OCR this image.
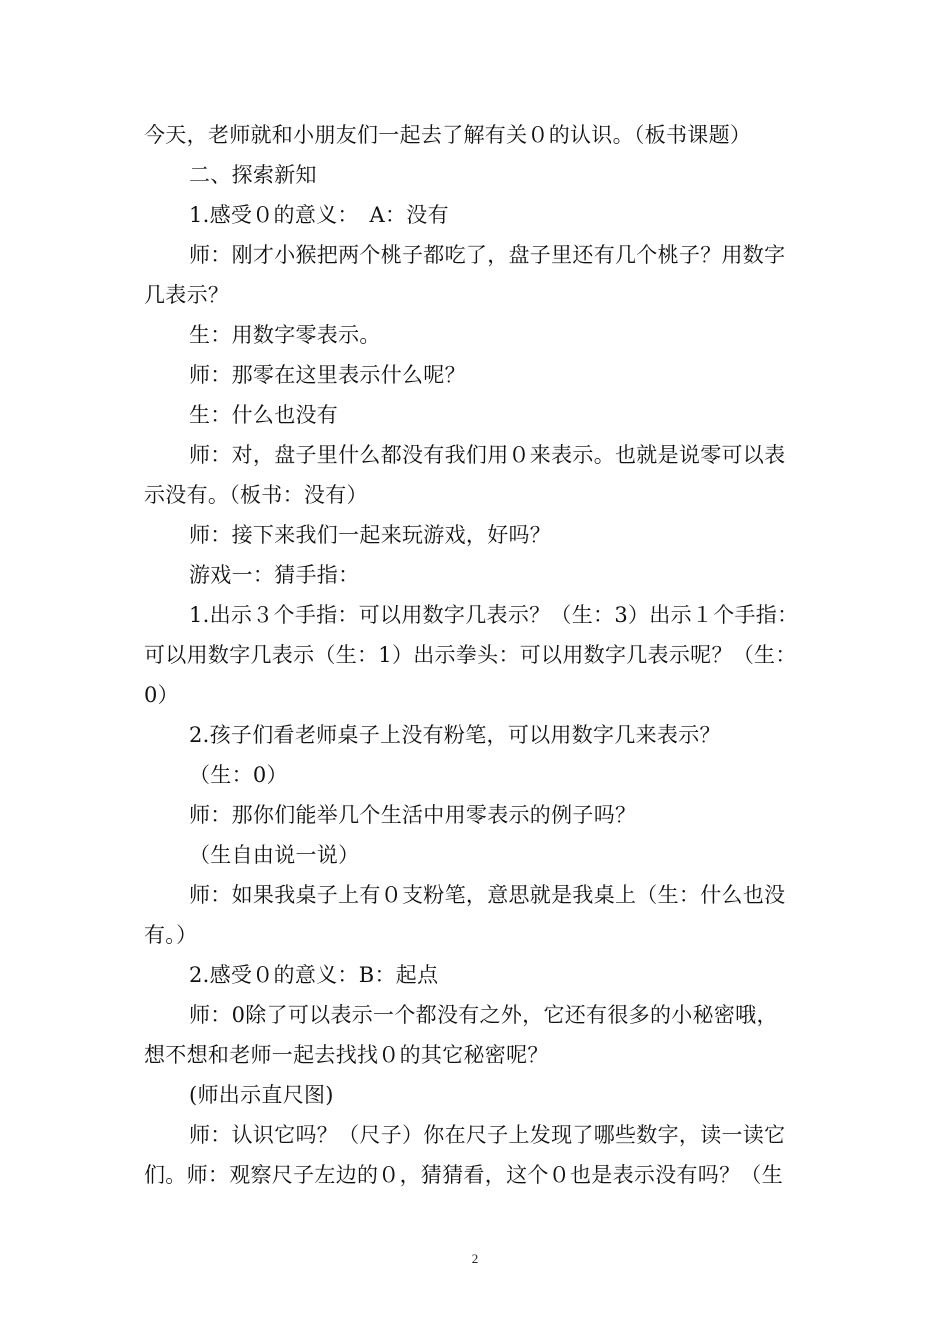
今天，老师就和小朋友们一起去了解有关０的认识。（板书课题）
二、探索新知
1.感受０的意义：　A：没有
师：刚才小猴把两个桃子都吃了，盘子里还有几个桃子？用数字
几表示？
生：用数字零表示。
师：那零在这里表示什么呢？
生：什么也没有
师：对，盘子里什么都没有我们用０来表示。也就是说零可以表
示没有。（板书：没有）
师：接下来我们一起来玩游戏，好吗？
游戏一：猜手指：
1.出示３个手指：可以用数字几表示？（生：3）出示１个手指：
可以用数字几表示（生：1）出示拳头：可以用数字几表示呢？（生：
0）
2.孩子们看老师桌子上没有粉笔，可以用数字几来表示？
（生：0）
师：那你们能举几个生活中用零表示的例子吗？
（生自由说一说）
师：如果我桌子上有０支粉笔，意思就是我桌上（生：什么也没
有。）
2.感受０的意义：B：起点
师：0除了可以表示一个都没有之外，它还有很多的小秘密哦，
想不想和老师一起去找找０的其它秘密呢？
(师出示直尺图)
师：认识它吗？（尺子）你在尺子上发现了哪些数字，读一读它
们。师：观察尺子左边的０，猜猜看，这个０也是表示没有吗？（生
2
